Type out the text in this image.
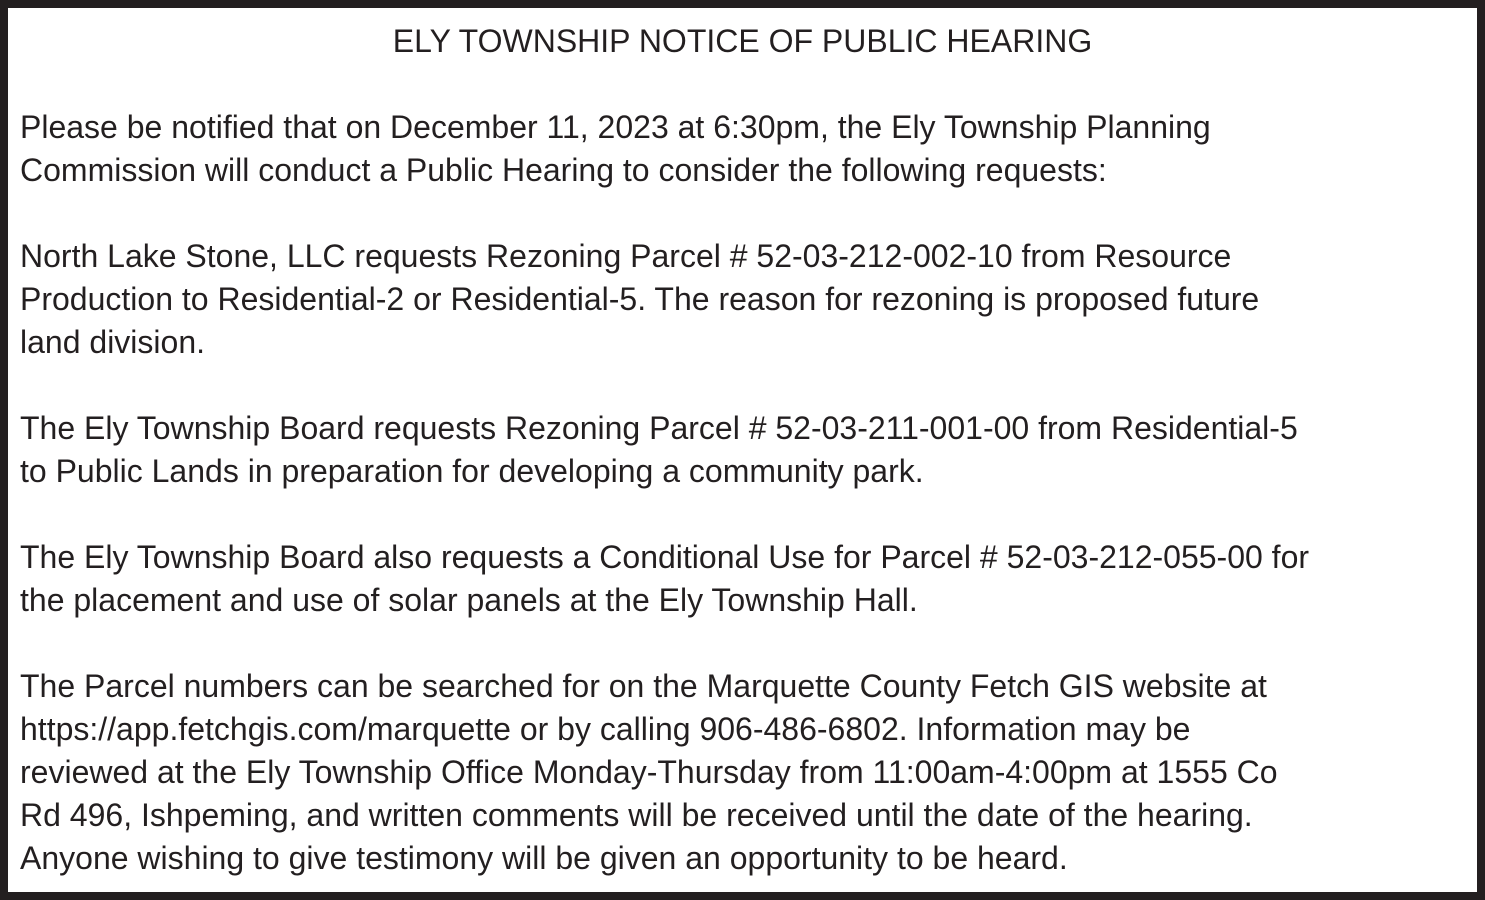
ELY TOWNSHIP NOTICE OF PUBLIC HEARING
Please be notified that on December 11, 2023 at 6:30pm, the Ely Township Planning
Commission will conduct a Public Hearing to consider the following requests:
North Lake Stone, LLC requests Rezoning Parcel # 52-03-212-002-10 from Resource
Production to Residential-2 or Residential-5. The reason for rezoning is proposed future
land division.
The Ely Township Board requests Rezoning Parcel # 52-03-211-001-00 from Residential-5
to Public Lands in preparation for developing a community park.
The Ely Township Board also requests a Conditional Use for Parcel # 52-03-212-055-00 for
the placement and use of solar panels at the Ely Township Hall.
The Parcel numbers can be searched for on the Marquette County Fetch GIS website at
https://app.fetchgis.com/marquette or by calling 906-486-6802. Information may be
reviewed at the Ely Township Office Monday-Thursday from 11:00am-4:00pm at 1555 Co
Rd 496, Ishpeming, and written comments will be received until the date of the hearing.
Anyone wishing to give testimony will be given an opportunity to be heard.
